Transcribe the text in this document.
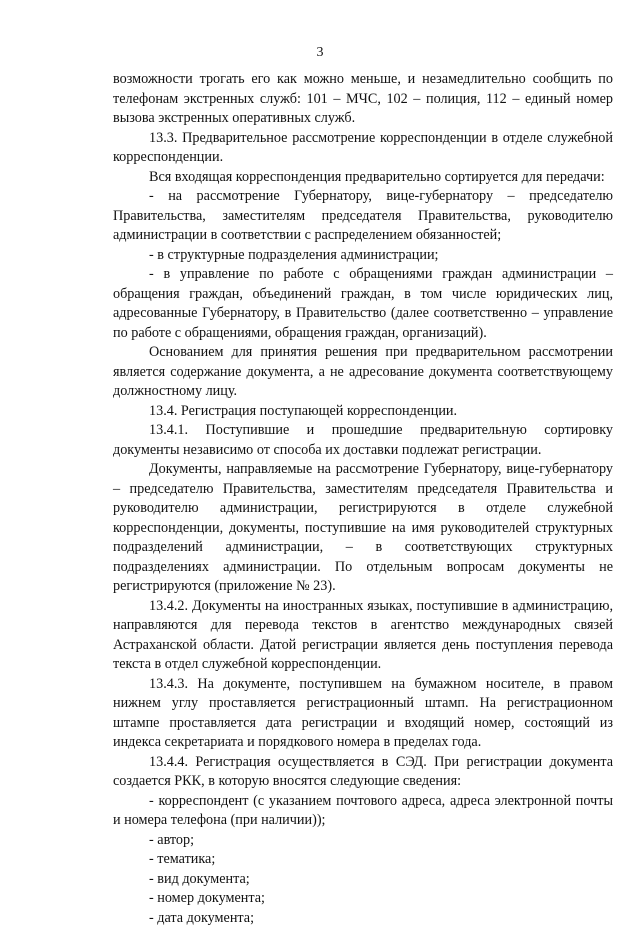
3

возможности трогать его как можно меньше, и незамедлительно сообщить по телефонам экстренных служб: 101 – МЧС, 102 – полиция, 112 – единый номер вызова экстренных оперативных служб.

13.3. Предварительное рассмотрение корреспонденции в отделе служебной корреспонденции.

Вся входящая корреспонденция предварительно сортируется для передачи:

- на рассмотрение Губернатору, вице-губернатору – председателю Правительства, заместителям председателя Правительства, руководителю администрации в соответствии с распределением обязанностей;

- в структурные подразделения администрации;

- в управление по работе с обращениями граждан администрации – обращения граждан, объединений граждан, в том числе юридических лиц, адресованные Губернатору, в Правительство (далее соответственно – управление по работе с обращениями, обращения граждан, организаций).

Основанием для принятия решения при предварительном рассмотрении является содержание документа, а не адресование документа соответствующему должностному лицу.

13.4. Регистрация поступающей корреспонденции.

13.4.1. Поступившие и прошедшие предварительную сортировку документы независимо от способа их доставки подлежат регистрации.

Документы, направляемые на рассмотрение Губернатору, вице-губернатору – председателю Правительства, заместителям председателя Правительства и руководителю администрации, регистрируются в отделе служебной корреспонденции, документы, поступившие на имя руководителей структурных подразделений администрации, – в соответствующих структурных подразделениях администрации. По отдельным вопросам документы не регистрируются (приложение № 23).

13.4.2. Документы на иностранных языках, поступившие в администрацию, направляются для перевода текстов в агентство международных связей Астраханской области. Датой регистрации является день поступления перевода текста в отдел служебной корреспонденции.

13.4.3. На документе, поступившем на бумажном носителе, в правом нижнем углу проставляется регистрационный штамп. На регистрационном штампе проставляется дата регистрации и входящий номер, состоящий из индекса секретариата и порядкового номера в пределах года.

13.4.4. Регистрация осуществляется в СЭД. При регистрации документа создается РКК, в которую вносятся следующие сведения:

- корреспондент (с указанием почтового адреса, адреса электронной почты и номера телефона (при наличии));

- автор;

- тематика;

- вид документа;

- номер документа;

- дата документа;
